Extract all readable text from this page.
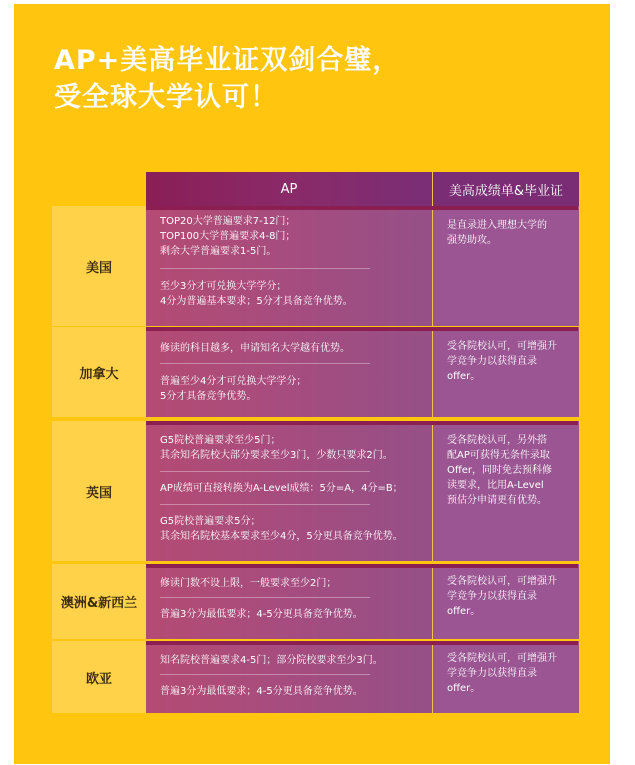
AP+美高毕业证双剑合璧，
受全球大学认可！
AP	美高成绩单&毕业证
美国
TOP20大学普遍要求7-12门；
TOP100大学普遍要求4-8门；
剩余大学普遍要求1-5门。
至少3分才可兑换大学学分；
4分为普遍基本要求；5分才具备竞争优势。
是直录进入理想大学的
强势助攻。
加拿大
修读的科目越多，申请知名大学越有优势。
普遍至少4分才可兑换大学学分；
5分才具备竞争优势。
受各院校认可，可增强升
学竞争力以获得直录
offer。
英国
G5院校普遍要求至少5门；
其余知名院校大部分要求至少3门，少数只要求2门。
AP成绩可直接转换为A-Level成绩：5分=A，4分=B；
G5院校普遍要求5分；
其余知名院校基本要求至少4分，5分更具备竞争优势。
受各院校认可，另外搭
配AP可获得无条件录取
Offer，同时免去预科修
读要求，比用A-Level
预估分申请更有优势。
澳洲&新西兰
修读门数不设上限，一般要求至少2门；
普遍3分为最低要求；4-5分更具备竞争优势。
受各院校认可，可增强升
学竞争力以获得直录
offer。
欧亚
知名院校普遍要求4-5门；部分院校要求至少3门。
普遍3分为最低要求；4-5分更具备竞争优势。
受各院校认可，可增强升
学竞争力以获得直录
offer。
